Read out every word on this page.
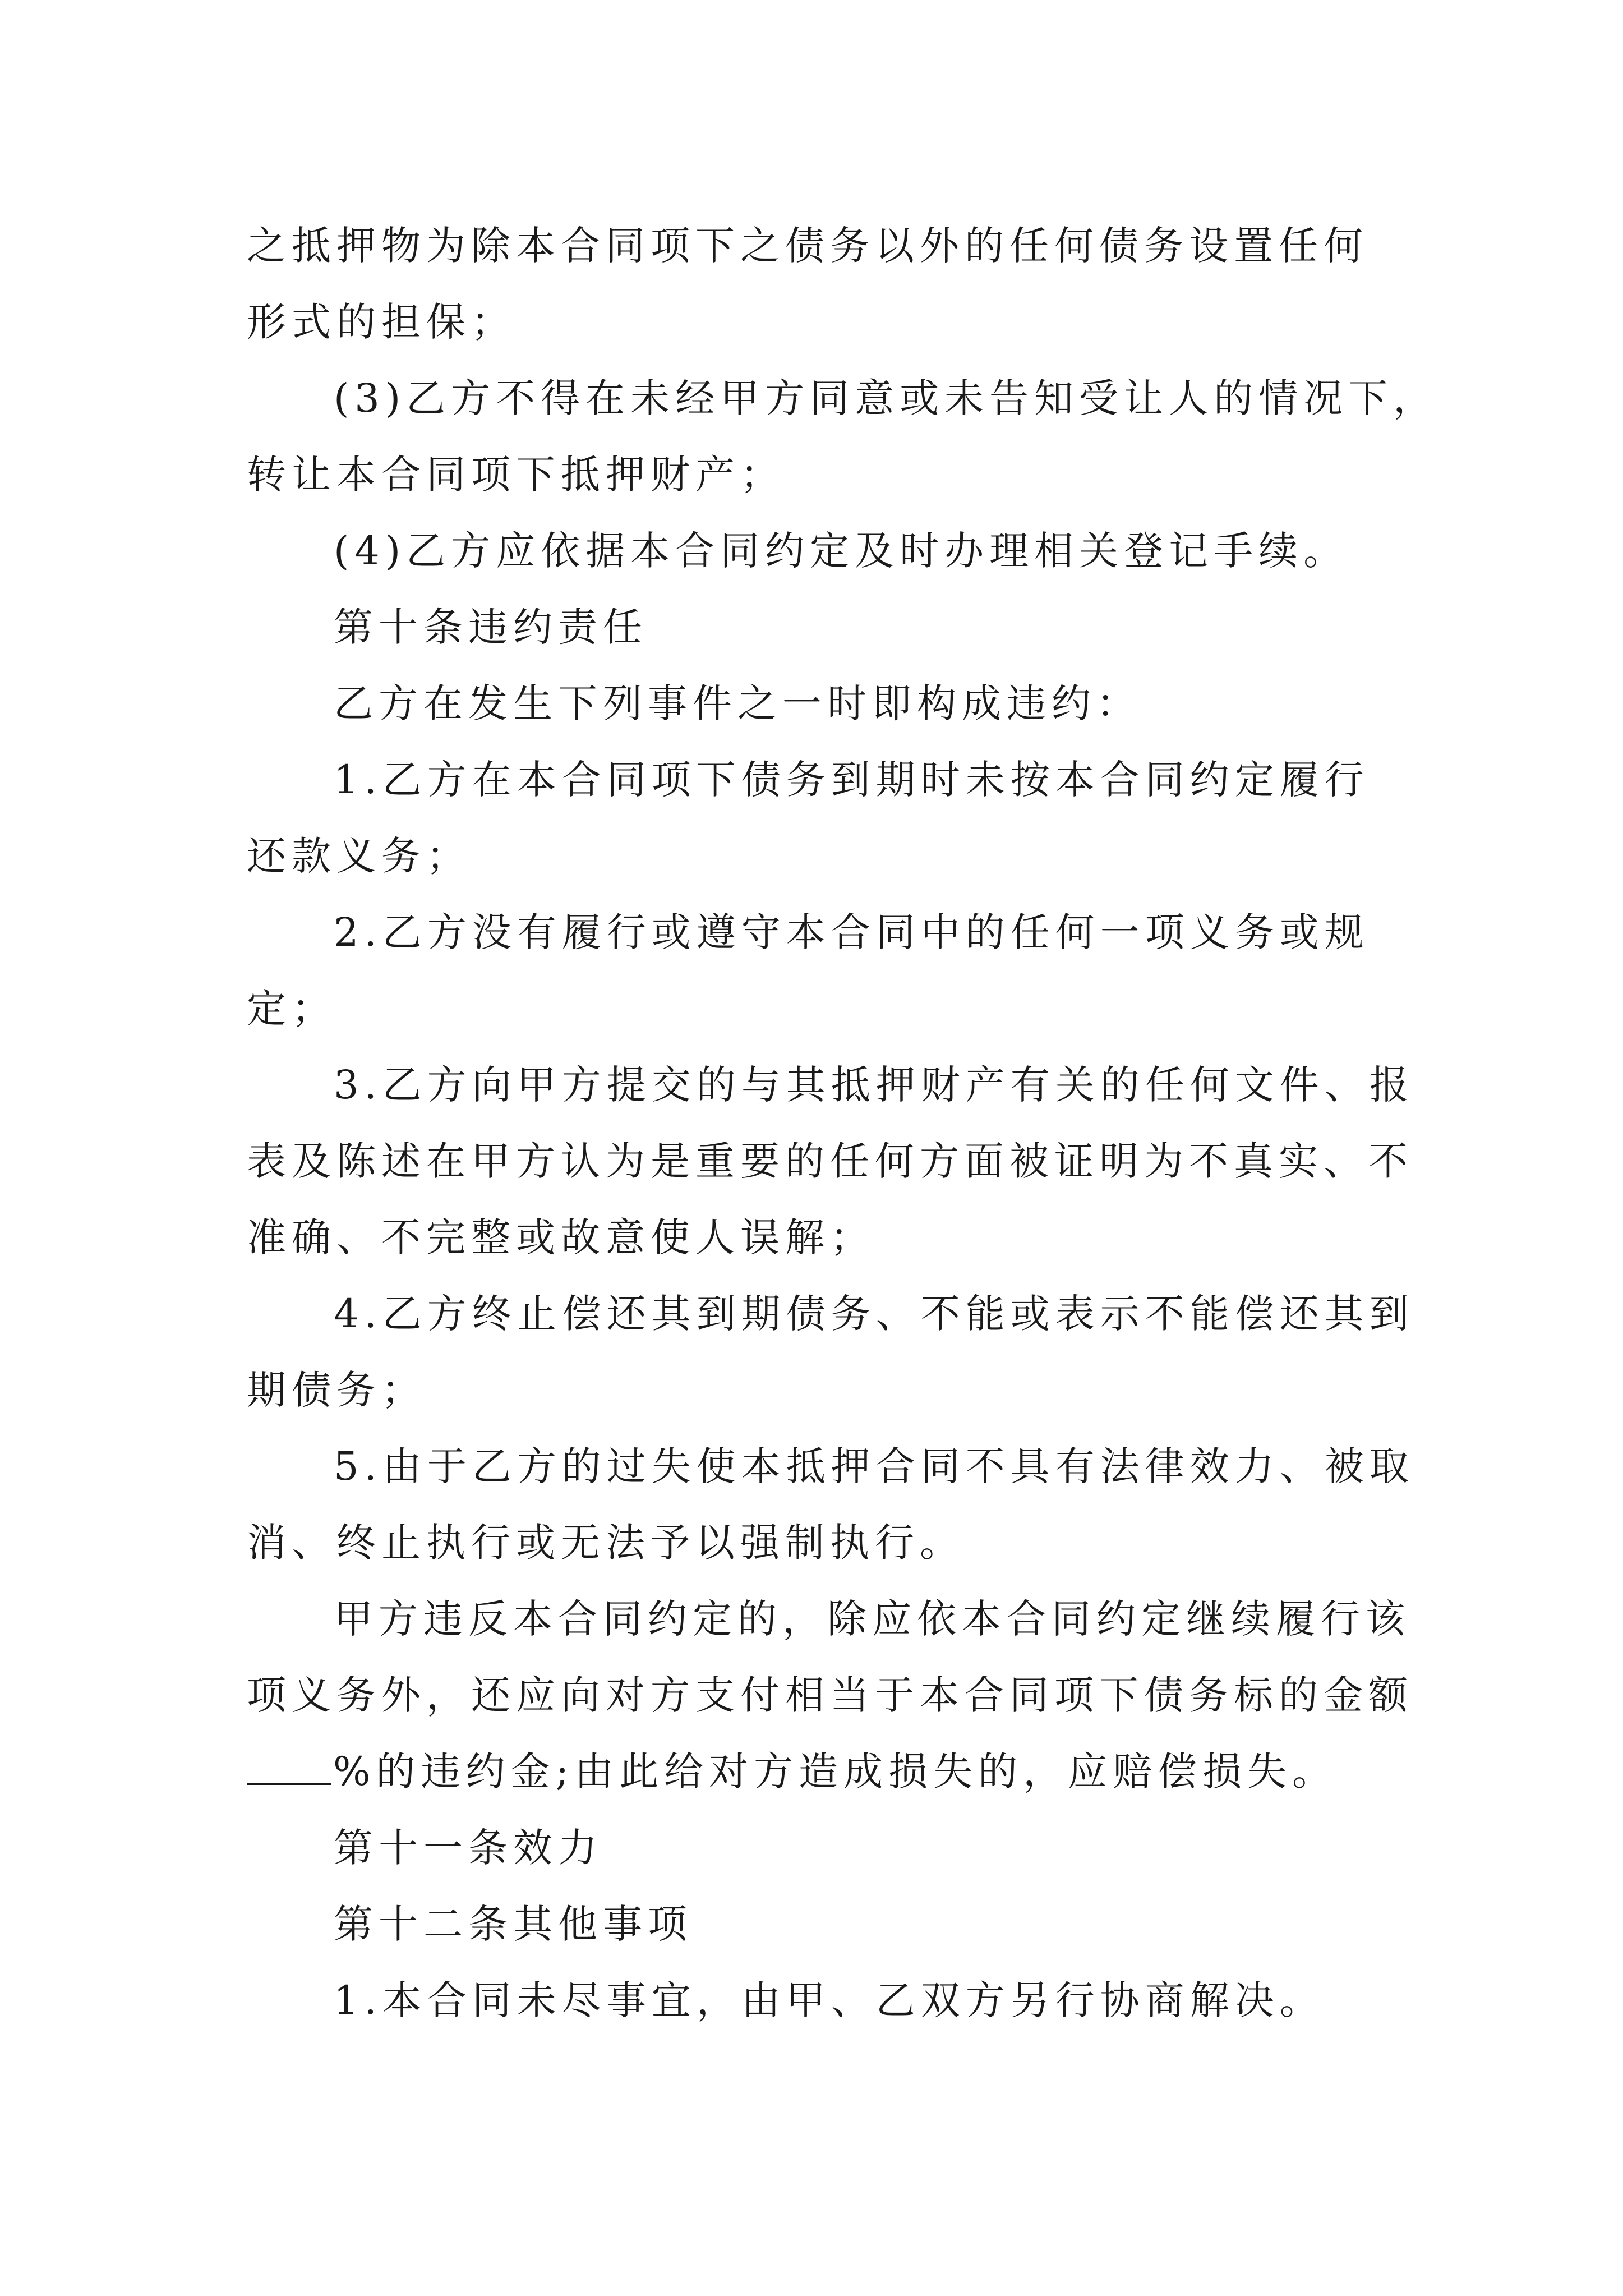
之抵押物为除本合同项下之债务以外的任何债务设置任何
形式的担保；
(3)乙方不得在未经甲方同意或未告知受让人的情况下，
转让本合同项下抵押财产；
(4)乙方应依据本合同约定及时办理相关登记手续。
第十条违约责任
乙方在发生下列事件之一时即构成违约：
1.乙方在本合同项下债务到期时未按本合同约定履行
还款义务；
2.乙方没有履行或遵守本合同中的任何一项义务或规
定；
3.乙方向甲方提交的与其抵押财产有关的任何文件、报
表及陈述在甲方认为是重要的任何方面被证明为不真实、不
准确、不完整或故意使人误解；
4.乙方终止偿还其到期债务、不能或表示不能偿还其到
期债务；
5.由于乙方的过失使本抵押合同不具有法律效力、被取
消、终止执行或无法予以强制执行。
甲方违反本合同约定的，除应依本合同约定继续履行该
项义务外，还应向对方支付相当于本合同项下债务标的金额
%的违约金;由此给对方造成损失的，应赔偿损失。
第十一条效力
第十二条其他事项
1.本合同未尽事宜，由甲、乙双方另行协商解决。
